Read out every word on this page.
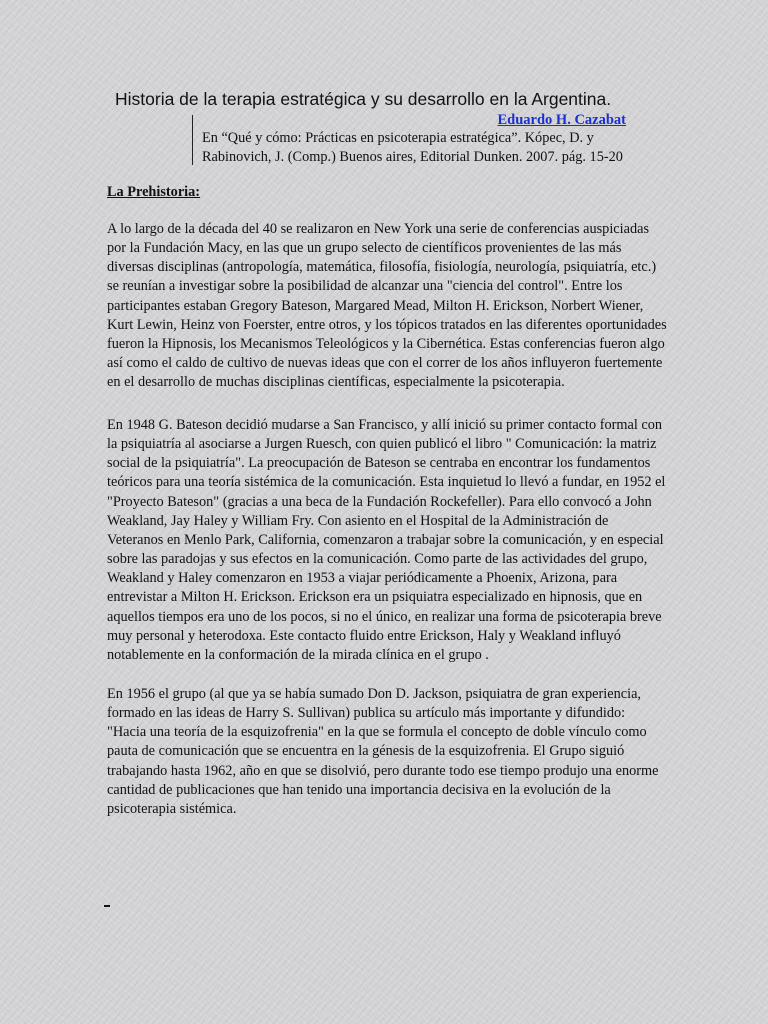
Historia de la terapia estratégica y su desarrollo en la Argentina.
Eduardo H. Cazabat
En “Qué y cómo: Prácticas en psicoterapia estratégica”. Kópec, D. y Rabinovich, J. (Comp.) Buenos aires, Editorial Dunken. 2007. pág. 15-20
La Prehistoria:
A lo largo de la década del 40 se realizaron en New York una serie de conferencias auspiciadas por la Fundación Macy, en las que un grupo selecto de científicos provenientes de las más diversas disciplinas (antropología, matemática, filosofía, fisiología, neurología, psiquiatría, etc.) se reunían a investigar sobre la posibilidad de alcanzar una "ciencia del control". Entre los participantes estaban Gregory Bateson, Margared Mead, Milton H. Erickson, Norbert Wiener, Kurt Lewin, Heinz von Foerster, entre otros, y los tópicos tratados en las diferentes oportunidades fueron la Hipnosis, los Mecanismos Teleológicos y la Cibernética. Estas conferencias fueron algo así como el caldo de cultivo de nuevas ideas que con el correr de los años influyeron fuertemente en el desarrollo de muchas disciplinas científicas, especialmente la psicoterapia.
En 1948 G. Bateson decidió mudarse a San Francisco, y allí inició su primer contacto formal con la psiquiatría al asociarse a Jurgen Ruesch, con quien publicó el libro " Comunicación: la matriz social de la psiquiatría". La preocupación de Bateson se centraba en encontrar los fundamentos teóricos para una teoría sistémica de la comunicación. Esta inquietud lo llevó a fundar, en 1952 el "Proyecto Bateson" (gracias a una beca de la Fundación Rockefeller). Para ello convocó a John Weakland, Jay Haley y William Fry. Con asiento en el Hospital de la Administración de Veteranos en Menlo Park, California, comenzaron a trabajar sobre la comunicación, y en especial sobre las paradojas y sus efectos en la comunicación. Como parte de las actividades del grupo, Weakland y Haley comenzaron en 1953 a viajar periódicamente a Phoenix, Arizona, para entrevistar a Milton H. Erickson. Erickson era un psiquiatra especializado en hipnosis, que en aquellos tiempos era uno de los pocos, si no el único, en realizar una forma de psicoterapia breve muy personal y heterodoxa. Este contacto fluido entre Erickson, Haly y Weakland influyó notablemente en la conformación de la mirada clínica en el grupo .
En 1956 el grupo (al que ya se había sumado Don D. Jackson, psiquiatra de gran experiencia, formado en las ideas de Harry S. Sullivan) publica su artículo más importante y difundido: "Hacia una teoría de la esquizofrenia" en la que se formula el concepto de doble vínculo como pauta de comunicación que se encuentra en la génesis de la esquizofrenia. El Grupo siguió trabajando hasta 1962, año en que se disolvió, pero durante todo ese tiempo produjo una enorme cantidad de publicaciones que han tenido una importancia decisiva en la evolución de la psicoterapia sistémica.
